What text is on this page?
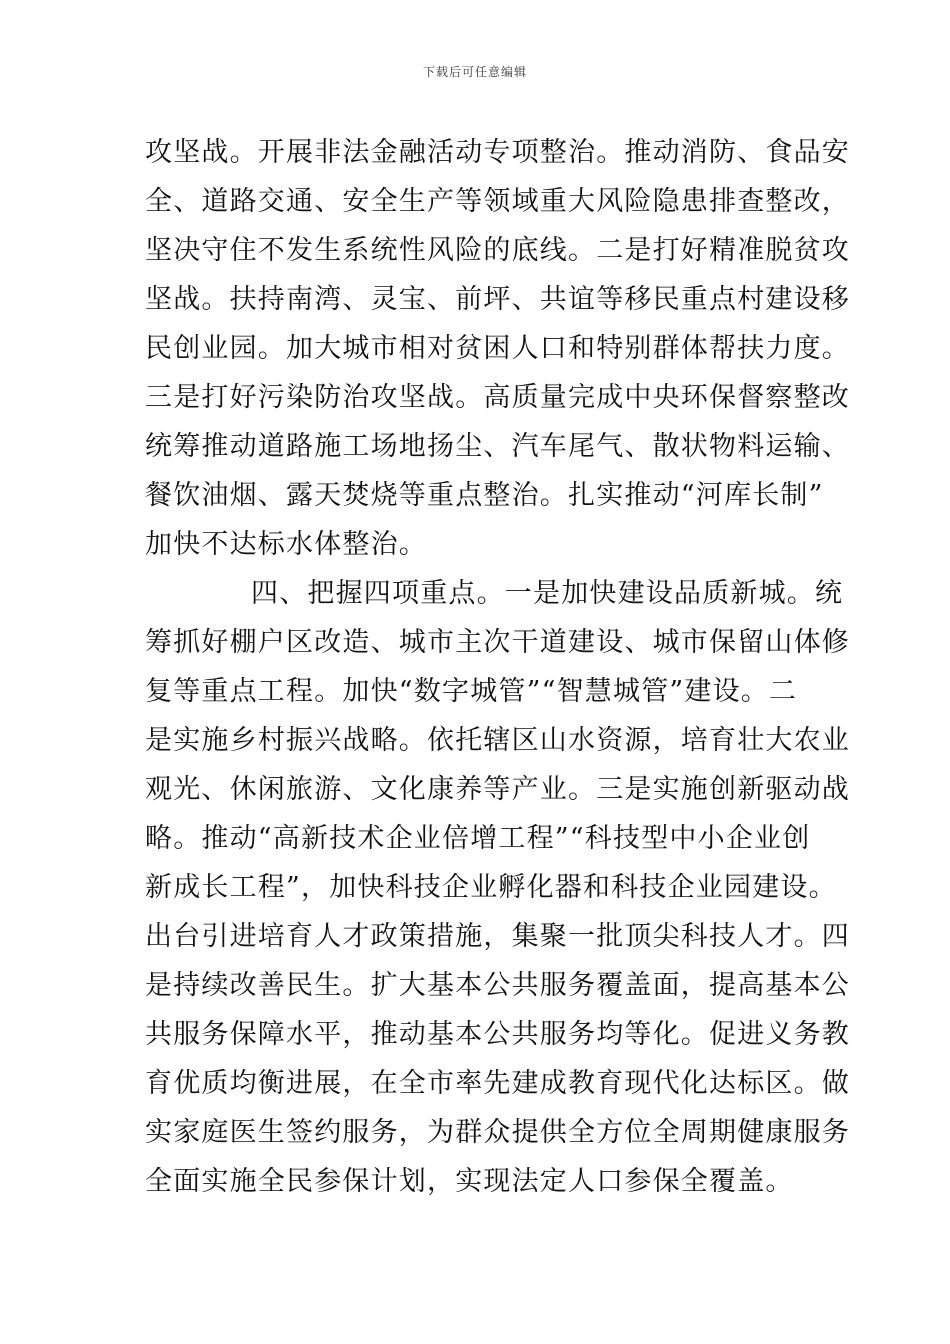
下载后可任意编辑
攻坚战。开展非法金融活动专项整治。推动消防、食品安
全、道路交通、安全生产等领域重大风险隐患排查整改，
坚决守住不发生系统性风险的底线。二是打好精准脱贫攻
坚战。扶持南湾、灵宝、前坪、共谊等移民重点村建设移
民创业园。加大城市相对贫困人口和特别群体帮扶力度。
三是打好污染防治攻坚战。高质量完成中央环保督察整改
统筹推动道路施工场地扬尘、汽车尾气、散状物料运输、
餐饮油烟、露天焚烧等重点整治。扎实推动“河库长制”
加快不达标水体整治。
四、把握四项重点。一是加快建设品质新城。统
筹抓好棚户区改造、城市主次干道建设、城市保留山体修
复等重点工程。加快“数字城管”“智慧城管”建设。二
是实施乡村振兴战略。依托辖区山水资源，培育壮大农业
观光、休闲旅游、文化康养等产业。三是实施创新驱动战
略。推动“高新技术企业倍增工程”“科技型中小企业创
新成长工程”，加快科技企业孵化器和科技企业园建设。
出台引进培育人才政策措施，集聚一批顶尖科技人才。四
是持续改善民生。扩大基本公共服务覆盖面，提高基本公
共服务保障水平，推动基本公共服务均等化。促进义务教
育优质均衡进展，在全市率先建成教育现代化达标区。做
实家庭医生签约服务，为群众提供全方位全周期健康服务
全面实施全民参保计划，实现法定人口参保全覆盖。
